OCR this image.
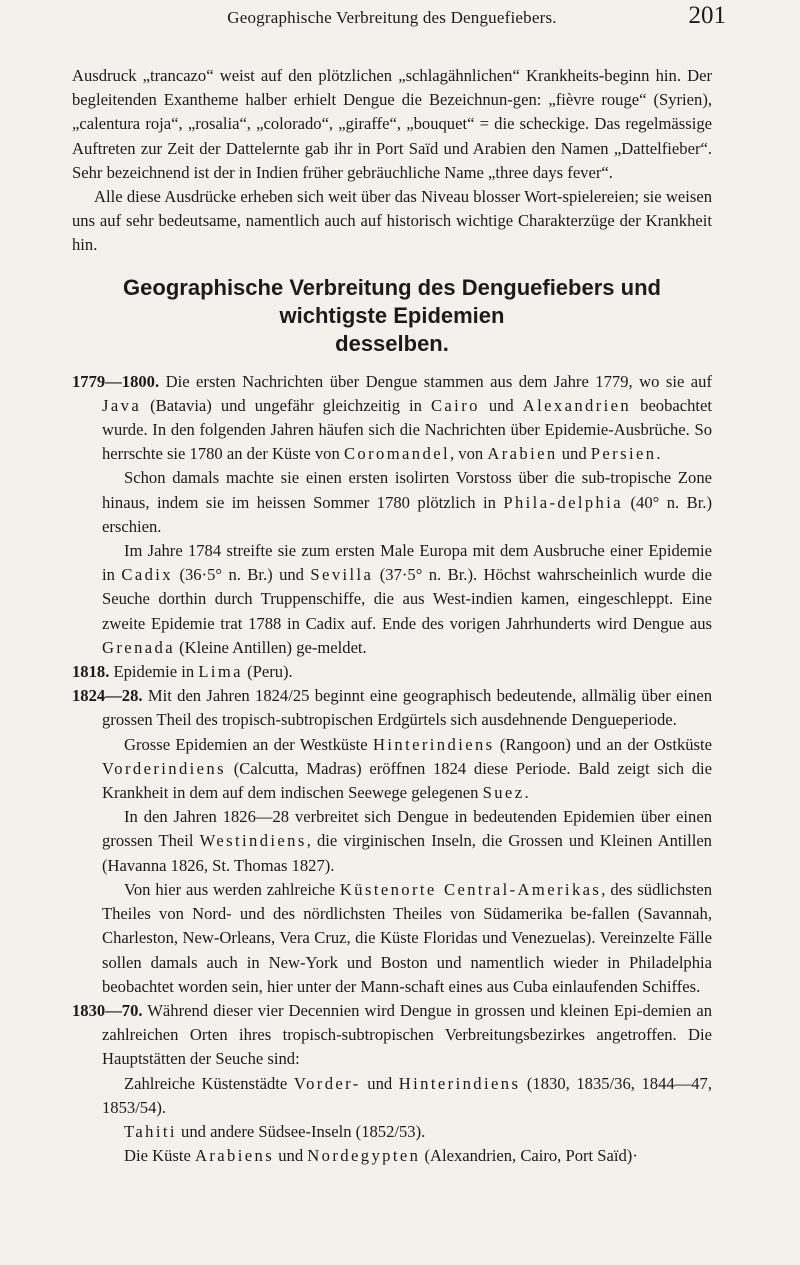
Geographische Verbreitung des Denguefiebers.	201

Ausdruck „trancazo“ weist auf den plötzlichen „schlagähnlichen“ Krankheits-beginn hin. Der begleitenden Exantheme halber erhielt Dengue die Bezeichnun-gen: „fièvre rouge“ (Syrien), „calentura roja“, „rosalia“, „colorado“, „giraffe“, „bouquet“ = die scheckige. Das regelmässige Auftreten zur Zeit der Dattelernte gab ihr in Port Saïd und Arabien den Namen „Dattelfieber“. Sehr bezeichnend ist der in Indien früher gebräuchliche Name „three days fever“.

Alle diese Ausdrücke erheben sich weit über das Niveau blosser Wort-spielereien; sie weisen uns auf sehr bedeutsame, namentlich auch auf historisch wichtige Charakterzüge der Krankheit hin.

Geographische Verbreitung des Denguefiebers und wichtigste Epidemien
desselben.

1779—1800. Die ersten Nachrichten über Dengue stammen aus dem Jahre 1779, wo sie auf Java (Batavia) und ungefähr gleichzeitig in Cairo und Alexandrien beobachtet wurde. In den folgenden Jahren häufen sich die Nachrichten über Epidemie-Ausbrüche. So herrschte sie 1780 an der Küste von Coromandel, von Arabien und Persien.

Schon damals machte sie einen ersten isolirten Vorstoss über die sub-tropische Zone hinaus, indem sie im heissen Sommer 1780 plötzlich in Phila-delphia (40° n. Br.) erschien.

Im Jahre 1784 streifte sie zum ersten Male Europa mit dem Ausbruche einer Epidemie in Cadix (36·5° n. Br.) und Sevilla (37·5° n. Br.). Höchst wahrscheinlich wurde die Seuche dorthin durch Truppenschiffe, die aus West-indien kamen, eingeschleppt. Eine zweite Epidemie trat 1788 in Cadix auf. Ende des vorigen Jahrhunderts wird Dengue aus Grenada (Kleine Antillen) ge-meldet.

1818. Epidemie in Lima (Peru).

1824—28. Mit den Jahren 1824/25 beginnt eine geographisch bedeutende, allmälig über einen grossen Theil des tropisch-subtropischen Erdgürtels sich ausdehnende Dengueperiode.

Grosse Epidemien an der Westküste Hinterindiens (Rangoon) und an der Ostküste Vorderindiens (Calcutta, Madras) eröffnen 1824 diese Periode. Bald zeigt sich die Krankheit in dem auf dem indischen Seewege gelegenen Suez.

In den Jahren 1826—28 verbreitet sich Dengue in bedeutenden Epidemien über einen grossen Theil Westindiens, die virginischen Inseln, die Grossen und Kleinen Antillen (Havanna 1826, St. Thomas 1827).

Von hier aus werden zahlreiche Küstenorte Central-Amerikas, des südlichsten Theiles von Nord- und des nördlichsten Theiles von Südamerika be-fallen (Savannah, Charleston, New-Orleans, Vera Cruz, die Küste Floridas und Venezuelas). Vereinzelte Fälle sollen damals auch in New-York und Boston und namentlich wieder in Philadelphia beobachtet worden sein, hier unter der Mann-schaft eines aus Cuba einlaufenden Schiffes.

1830—70. Während dieser vier Decennien wird Dengue in grossen und kleinen Epi-demien an zahlreichen Orten ihres tropisch-subtropischen Verbreitungsbezirkes angetroffen. Die Hauptstätten der Seuche sind:

Zahlreiche Küstenstädte Vorder- und Hinterindiens (1830, 1835/36, 1844—47, 1853/54).

Tahiti und andere Südsee-Inseln (1852/53).

Die Küste Arabiens und Nordegypten (Alexandrien, Cairo, Port Saïd)·
